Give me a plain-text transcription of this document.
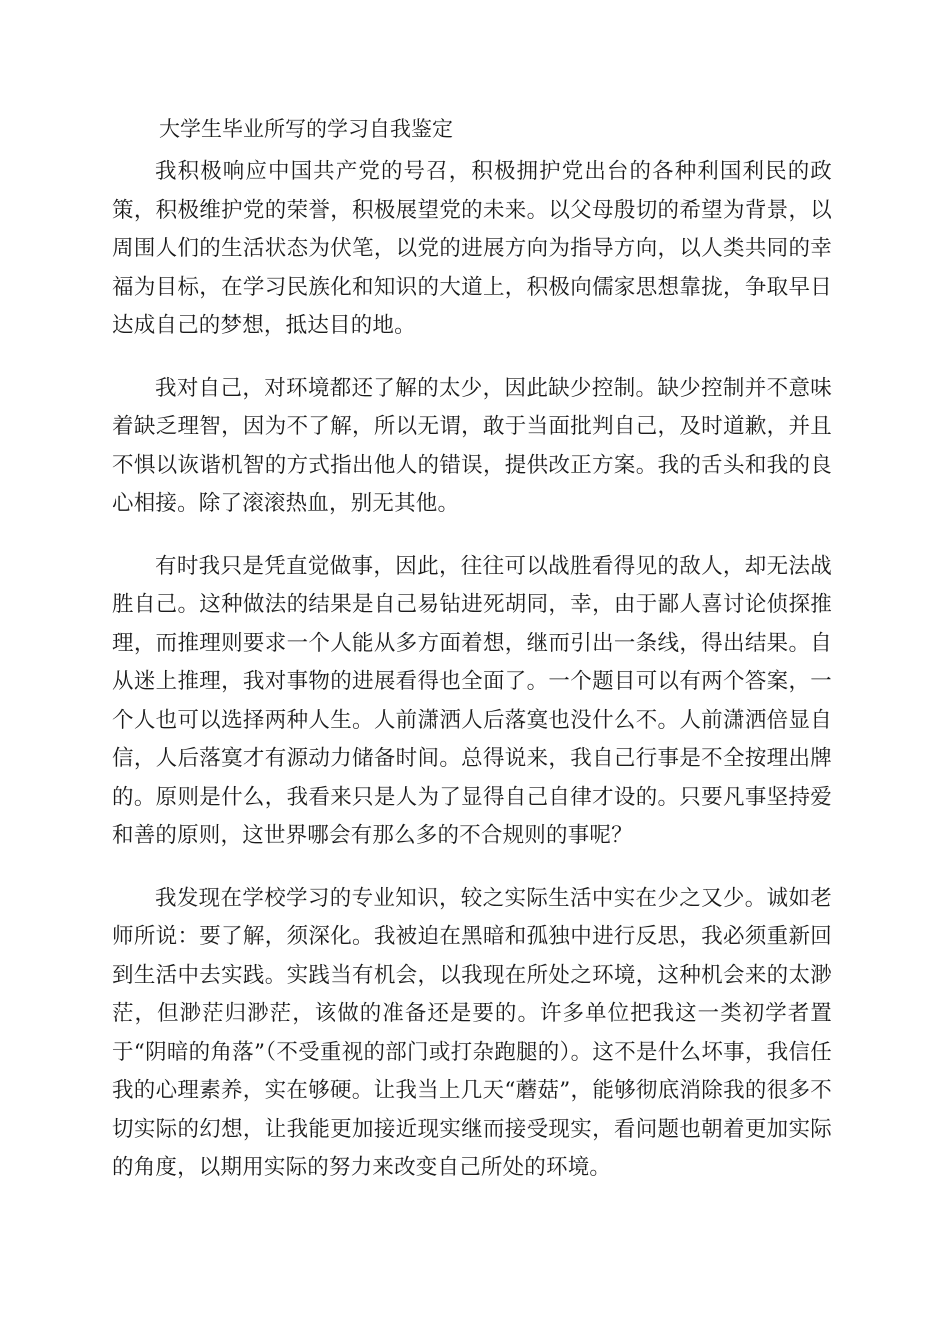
大学生毕业所写的学习自我鉴定

我积极响应中国共产党的号召，积极拥护党出台的各种利国利民的政策，积极维护党的荣誉，积极展望党的未来。以父母殷切的希望为背景，以周围人们的生活状态为伏笔，以党的进展方向为指导方向，以人类共同的幸福为目标，在学习民族化和知识的大道上，积极向儒家思想靠拢，争取早日达成自己的梦想，抵达目的地。

我对自己，对环境都还了解的太少，因此缺少控制。缺少控制并不意味着缺乏理智，因为不了解，所以无谓，敢于当面批判自己，及时道歉，并且不惧以诙谐机智的方式指出他人的错误，提供改正方案。我的舌头和我的良心相接。除了滚滚热血，别无其他。

有时我只是凭直觉做事，因此，往往可以战胜看得见的敌人，却无法战胜自己。这种做法的结果是自己易钻进死胡同，幸，由于鄙人喜讨论侦探推理，而推理则要求一个人能从多方面着想，继而引出一条线，得出结果。自从迷上推理，我对事物的进展看得也全面了。一个题目可以有两个答案，一个人也可以选择两种人生。人前潇洒人后落寞也没什么不。人前潇洒倍显自信，人后落寞才有源动力储备时间。总得说来，我自己行事是不全按理出牌的。原则是什么，我看来只是人为了显得自己自律才设的。只要凡事坚持爱和善的原则，这世界哪会有那么多的不合规则的事呢？

我发现在学校学习的专业知识，较之实际生活中实在少之又少。诚如老师所说：要了解，须深化。我被迫在黑暗和孤独中进行反思，我必须重新回到生活中去实践。实践当有机会，以我现在所处之环境，这种机会来的太渺茫，但渺茫归渺茫，该做的准备还是要的。许多单位把我这一类初学者置于“阴暗的角落”（不受重视的部门或打杂跑腿的）。这不是什么坏事，我信任我的心理素养，实在够硬。让我当上几天“蘑菇”，能够彻底消除我的很多不切实际的幻想，让我能更加接近现实继而接受现实，看问题也朝着更加实际的角度，以期用实际的努力来改变自己所处的环境。
